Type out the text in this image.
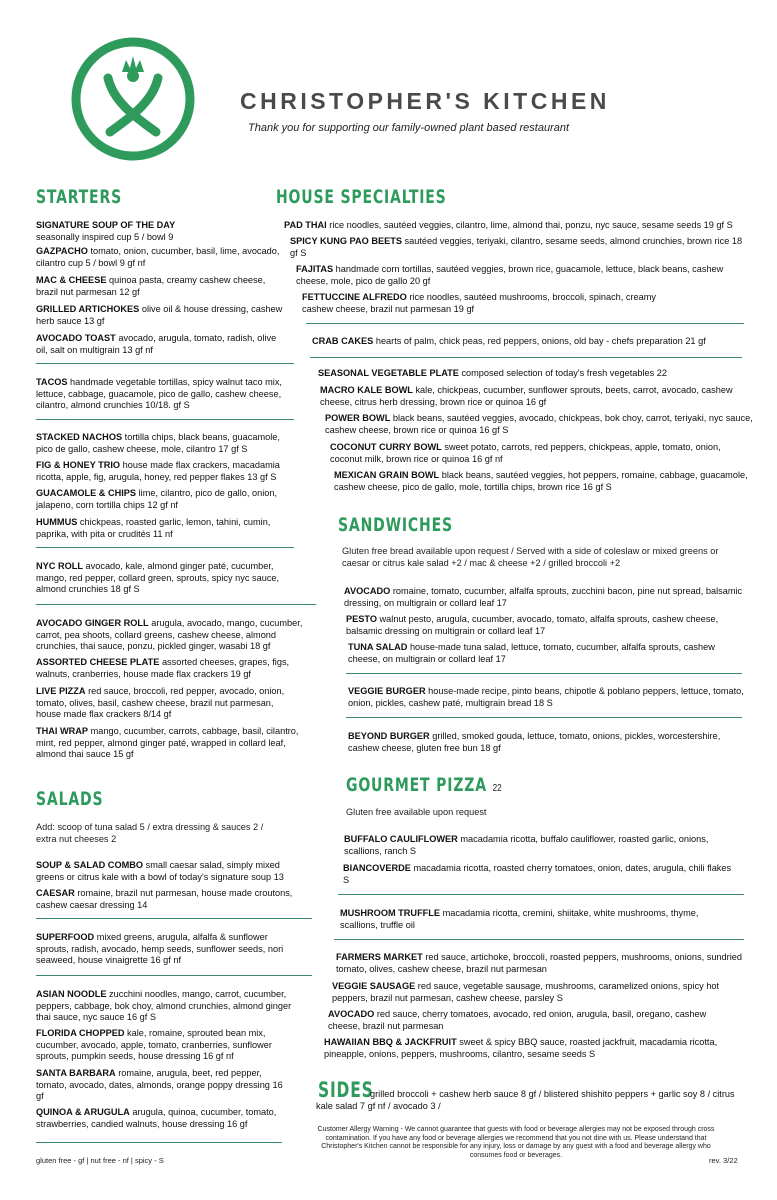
CHRISTOPHER'S KITCHEN
Thank you for supporting our family-owned plant based restaurant
STARTERS
SIGNATURE SOUP OF THE DAY
seasonally inspired cup 5 / bowl 9
GAZPACHO tomato, onion, cucumber, basil, lime, avocado, cilantro cup 5 / bowl 9 gf nf
MAC & CHEESE quinoa pasta, creamy cashew cheese, brazil nut parmesan 12 gf
GRILLED ARTICHOKES olive oil & house dressing, cashew herb sauce 13 gf
AVOCADO TOAST avocado, arugula, tomato, radish, olive oil, salt on multigrain 13 gf nf
TACOS handmade vegetable tortillas, spicy walnut taco mix, lettuce, cabbage, guacamole, pico de gallo, cashew cheese, cilantro, almond crunchies 10/18. gf S
STACKED NACHOS tortilla chips, black beans, guacamole, pico de gallo, cashew cheese, mole, cilantro 17 gf S
FIG & HONEY TRIO house made flax crackers, macadamia ricotta, apple, fig, arugula, honey, red pepper flakes 13 gf S
GUACAMOLE & CHIPS lime, cilantro, pico de gallo, onion, jalapeno, corn tortilla chips 12 gf nf
HUMMUS chickpeas, roasted garlic, lemon, tahini, cumin, paprika, with pita or crudités 11 nf
NYC ROLL avocado, kale, almond ginger paté, cucumber, mango, red pepper, collard green, sprouts, spicy nyc sauce, almond crunchies 18 gf S
AVOCADO GINGER ROLL arugula, avocado, mango, cucumber, carrot, pea shoots, collard greens, cashew cheese, almond crunchies, thai sauce, ponzu, pickled ginger, wasabi 18 gf
ASSORTED CHEESE PLATE assorted cheeses, grapes, figs, walnuts, cranberries, house made flax crackers 19 gf
LIVE PIZZA red sauce, broccoli, red pepper, avocado, onion, tomato, olives, basil, cashew cheese, brazil nut parmesan, house made flax crackers 8/14 gf
THAI WRAP mango, cucumber, carrots, cabbage, basil, cilantro, mint, red pepper, almond ginger paté, wrapped in collard leaf, almond thai sauce 15 gf
SALADS
Add: scoop of tuna salad 5 / extra dressing & sauces 2 / extra nut cheeses 2
SOUP & SALAD COMBO small caesar salad, simply mixed greens or citrus kale with a bowl of today's signature soup 13
CAESAR romaine, brazil nut parmesan, house made croutons, cashew caesar dressing 14
SUPERFOOD mixed greens, arugula, alfalfa & sunflower sprouts, radish, avocado, hemp seeds, sunflower seeds, nori seaweed, house vinaigrette 16 gf nf
ASIAN NOODLE zucchini noodles, mango, carrot, cucumber, peppers, cabbage, bok choy, almond crunchies, almond ginger thai sauce, nyc sauce 16 gf S
FLORIDA CHOPPED kale, romaine, sprouted bean mix, cucumber, avocado, apple, tomato, cranberries, sunflower sprouts, pumpkin seeds, house dressing 16 gf nf
SANTA BARBARA romaine, arugula, beet, red pepper, tomato, avocado, dates, almonds, orange poppy dressing 16 gf
QUINOA & ARUGULA arugula, quinoa, cucumber, tomato, strawberries, candied walnuts, house dressing 16 gf
gluten free - gf | nut free - nf | spicy - S
HOUSE SPECIALTIES
PAD THAI rice noodles, sautéed veggies, cilantro, lime, almond thai, ponzu, nyc sauce, sesame seeds 19 gf S
SPICY KUNG PAO BEETS sautéed veggies, teriyaki, cilantro, sesame seeds, almond crunchies, brown rice 18 gf S
FAJITAS handmade corn tortillas, sautéed veggies, brown rice, guacamole, lettuce, black beans, cashew cheese, mole, pico de gallo 20 gf
FETTUCCINE ALFREDO rice noodles, sautéed mushrooms, broccoli, spinach, creamy cashew cheese, brazil nut parmesan 19 gf
CRAB CAKES hearts of palm, chick peas, red peppers, onions, old bay - chefs preparation 21 gf
SEASONAL VEGETABLE PLATE composed selection of today's fresh vegetables 22
MACRO KALE BOWL kale, chickpeas, cucumber, sunflower sprouts, beets, carrot, avocado, cashew cheese, citrus herb dressing, brown rice or quinoa 16 gf
POWER BOWL black beans, sautéed veggies, avocado, chickpeas, bok choy, carrot, teriyaki, nyc sauce, cashew cheese, brown rice or quinoa 16 gf S
COCONUT CURRY BOWL sweet potato, carrots, red peppers, chickpeas, apple, tomato, onion, coconut milk, brown rice or quinoa 16 gf nf
MEXICAN GRAIN BOWL black beans, sautéed veggies, hot peppers, romaine, cabbage, guacamole, cashew cheese, pico de gallo, mole, tortilla chips, brown rice 16 gf S
SANDWICHES
Gluten free bread available upon request / Served with a side of coleslaw or mixed greens or caesar or citrus kale salad +2 / mac & cheese +2 / grilled broccoli +2
AVOCADO romaine, tomato, cucumber, alfalfa sprouts, zucchini bacon, pine nut spread, balsamic dressing, on multigrain or collard leaf 17
PESTO walnut pesto, arugula, cucumber, avocado, tomato, alfalfa sprouts, cashew cheese, balsamic dressing on multigrain or collard leaf 17
TUNA SALAD house-made tuna salad, lettuce, tomato, cucumber, alfalfa sprouts, cashew cheese, on multigrain or collard leaf 17
VEGGIE BURGER house-made recipe, pinto beans, chipotle & poblano peppers, lettuce, tomato, onion, pickles, cashew paté, multigrain bread 18 S
BEYOND BURGER grilled, smoked gouda, lettuce, tomato, onions, pickles, worcestershire, cashew cheese, gluten free bun 18 gf
GOURMET PIZZA 22
Gluten free available upon request
BUFFALO CAULIFLOWER macadamia ricotta, buffalo cauliflower, roasted garlic, onions, scallions, ranch S
BIANCOVERDE macadamia ricotta, roasted cherry tomatoes, onion, dates, arugula, chili flakes S
MUSHROOM TRUFFLE macadamia ricotta, cremini, shiitake, white mushrooms, thyme, scallions, truffle oil
FARMERS MARKET red sauce, artichoke, broccoli, roasted peppers, mushrooms, onions, sundried tomato, olives, cashew cheese, brazil nut parmesan
VEGGIE SAUSAGE red sauce, vegetable sausage, mushrooms, caramelized onions, spicy hot peppers, brazil nut parmesan, cashew cheese, parsley S
AVOCADO red sauce, cherry tomatoes, avocado, red onion, arugula, basil, oregano, cashew cheese, brazil nut parmesan
HAWAIIAN BBQ & JACKFRUIT sweet & spicy BBQ sauce, roasted jackfruit, macadamia ricotta, pineapple, onions, peppers, mushrooms, cilantro, sesame seeds S
SIDES
grilled broccoli + cashew herb sauce 8 gf / blistered shishito peppers + garlic soy 8 / citrus kale salad 7 gf nf / avocado 3 /
Customer Allergy Warning - We cannot guarantee that guests with food or beverage allergies may not be exposed through cross contamination. If you have any food or beverage allergies we recommend that you not dine with us. Please understand that Christopher's Kitchen cannot be responsible for any injury, loss or damage by any guest with a food and beverage allergy who consumes food or beverages.
rev. 3/22
